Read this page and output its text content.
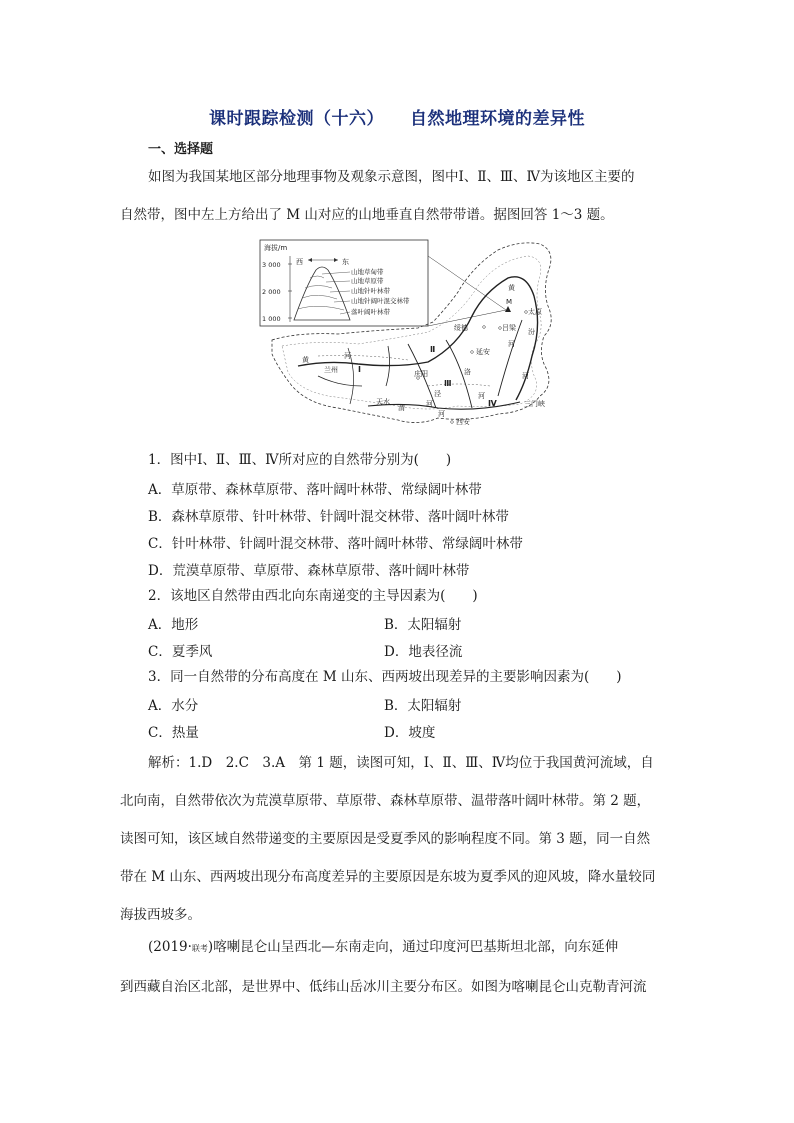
课时跟踪检测（十六） 自然地理环境的差异性
一、选择题
如图为我国某地区部分地理事物及观象示意图，图中Ⅰ、Ⅱ、Ⅲ、Ⅳ为该地区主要的
自然带，图中左上方给出了 M 山对应的山地垂直自然带带谱。据图回答 1～3 题。
海拔/m
3 000
2 000
1 000
西	东
山地草甸带
山地草原带
山地针叶林带
山地针阔叶混交林带
落叶阔叶林带
黄
M
太原
绥德	吕梁
延安
河
汾
河
黄	河
兰州	庆阳	洛
河
天水
泾
河
渭
河
西安
三门峡
Ⅰ
Ⅱ
Ⅲ
Ⅳ
1．图中Ⅰ、Ⅱ、Ⅲ、Ⅳ所对应的自然带分别为(　　)
A．草原带、森林草原带、落叶阔叶林带、常绿阔叶林带
B．森林草原带、针叶林带、针阔叶混交林带、落叶阔叶林带
C．针叶林带、针阔叶混交林带、落叶阔叶林带、常绿阔叶林带
D．荒漠草原带、草原带、森林草原带、落叶阔叶林带
2．该地区自然带由西北向东南递变的主导因素为(　　)
A．地形	B．太阳辐射
C．夏季风	D．地表径流
3．同一自然带的分布高度在 M 山东、西两坡出现差异的主要影响因素为(　　)
A．水分	B．太阳辐射
C．热量	D．坡度
解析：1.D　2.C　3.A　第 1 题，读图可知，Ⅰ、Ⅱ、Ⅲ、Ⅳ均位于我国黄河流域，自
北向南，自然带依次为荒漠草原带、草原带、森林草原带、温带落叶阔叶林带。第 2 题，
读图可知，该区域自然带递变的主要原因是受夏季风的影响程度不同。第 3 题，同一自然
带在 M 山东、西两坡出现分布高度差异的主要原因是东坡为夏季风的迎风坡，降水量较同
海拔西坡多。
(2019·联考)喀喇昆仑山呈西北—东南走向，通过印度河巴基斯坦北部，向东延伸
到西藏自治区北部，是世界中、低纬山岳冰川主要分布区。如图为喀喇昆仑山克勒青河流
